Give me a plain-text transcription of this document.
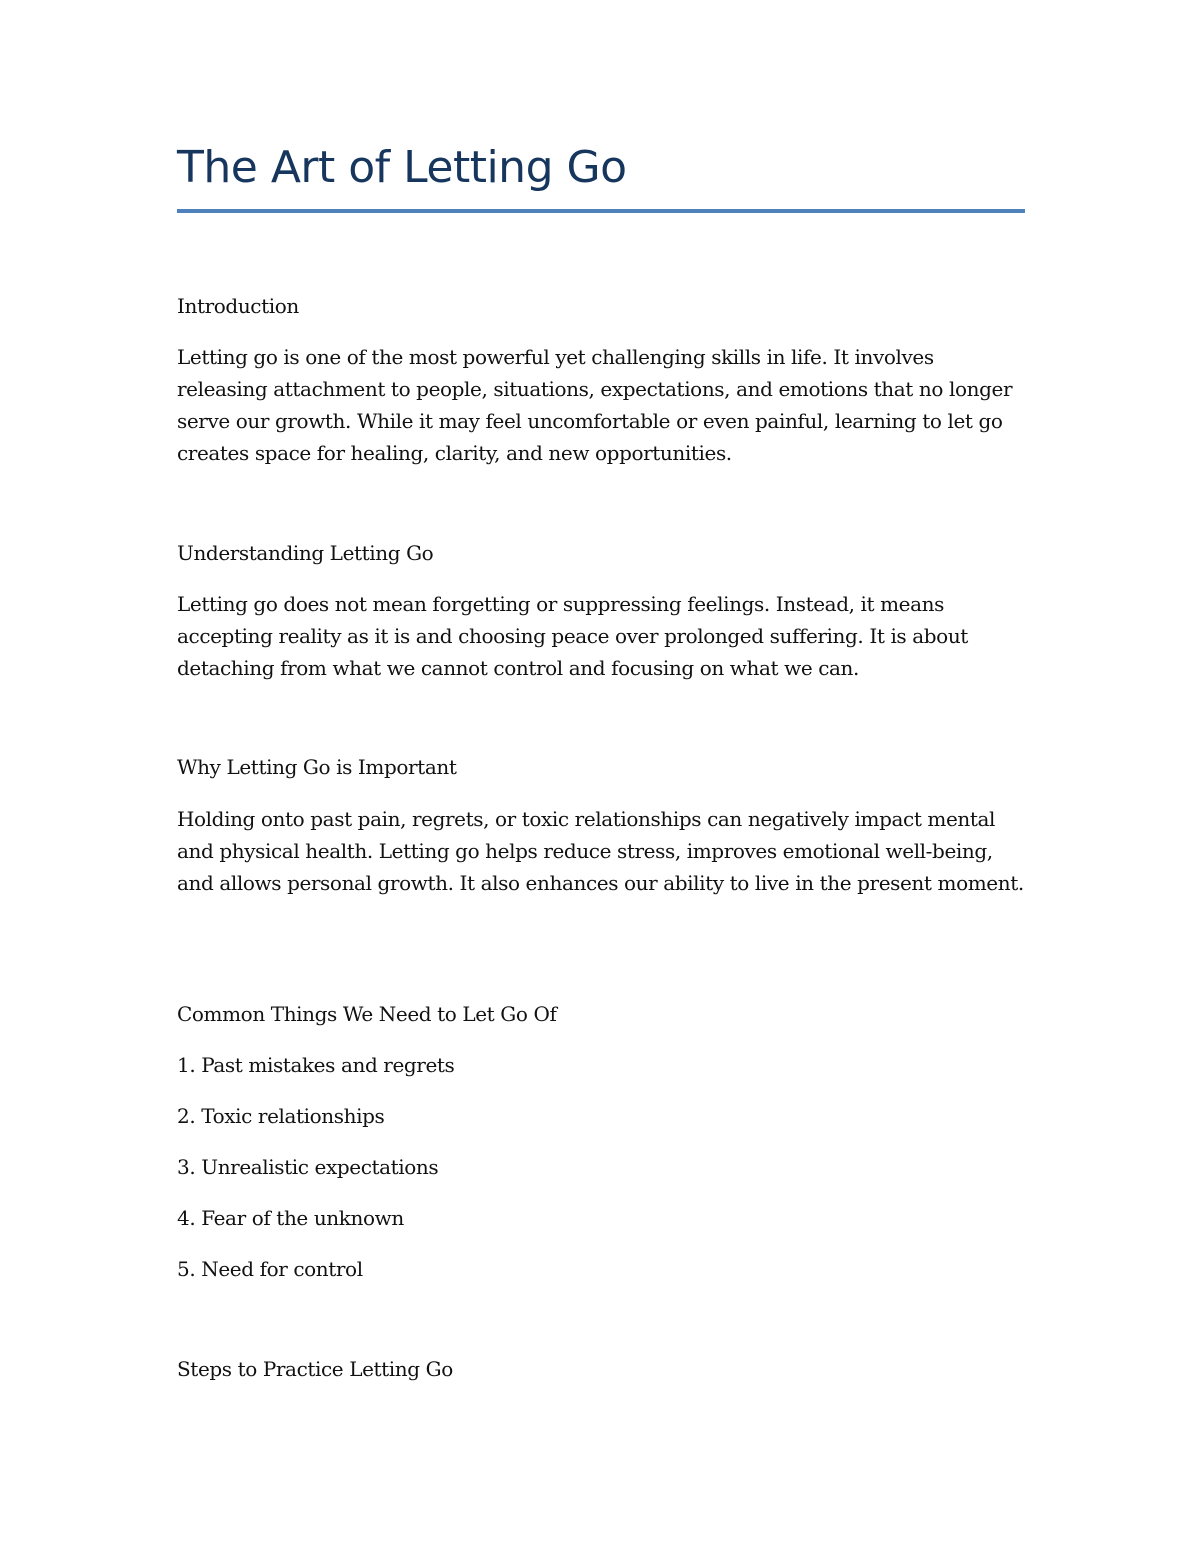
The Art of Letting Go

Introduction

Letting go is one of the most powerful yet challenging skills in life. It involves releasing attachment to people, situations, expectations, and emotions that no longer serve our growth. While it may feel uncomfortable or even painful, learning to let go creates space for healing, clarity, and new opportunities.

Understanding Letting Go

Letting go does not mean forgetting or suppressing feelings. Instead, it means accepting reality as it is and choosing peace over prolonged suffering. It is about detaching from what we cannot control and focusing on what we can.

Why Letting Go is Important

Holding onto past pain, regrets, or toxic relationships can negatively impact mental and physical health. Letting go helps reduce stress, improves emotional well-being, and allows personal growth. It also enhances our ability to live in the present moment.

Common Things We Need to Let Go Of

1. Past mistakes and regrets

2. Toxic relationships

3. Unrealistic expectations

4. Fear of the unknown

5. Need for control

Steps to Practice Letting Go
